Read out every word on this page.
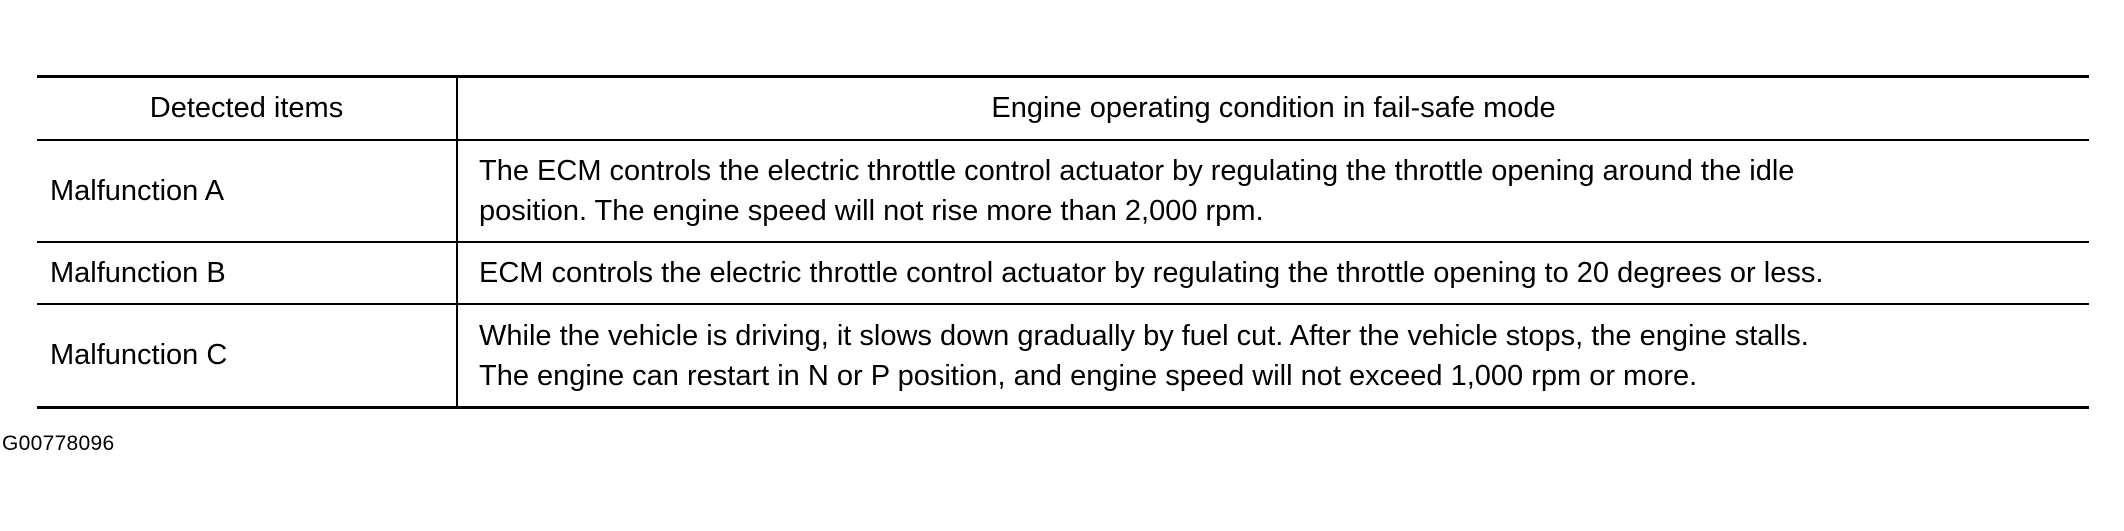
Detected items	Engine operating condition in fail-safe mode
Malfunction A	The ECM controls the electric throttle control actuator by regulating the throttle opening around the idle
position. The engine speed will not rise more than 2,000 rpm.

Malfunction B	ECM controls the electric throttle control actuator by regulating the throttle opening to 20 degrees or less.

Malfunction C	While the vehicle is driving, it slows down gradually by fuel cut. After the vehicle stops, the engine stalls.
The engine can restart in N or P position, and engine speed will not exceed 1,000 rpm or more.
G00778096
